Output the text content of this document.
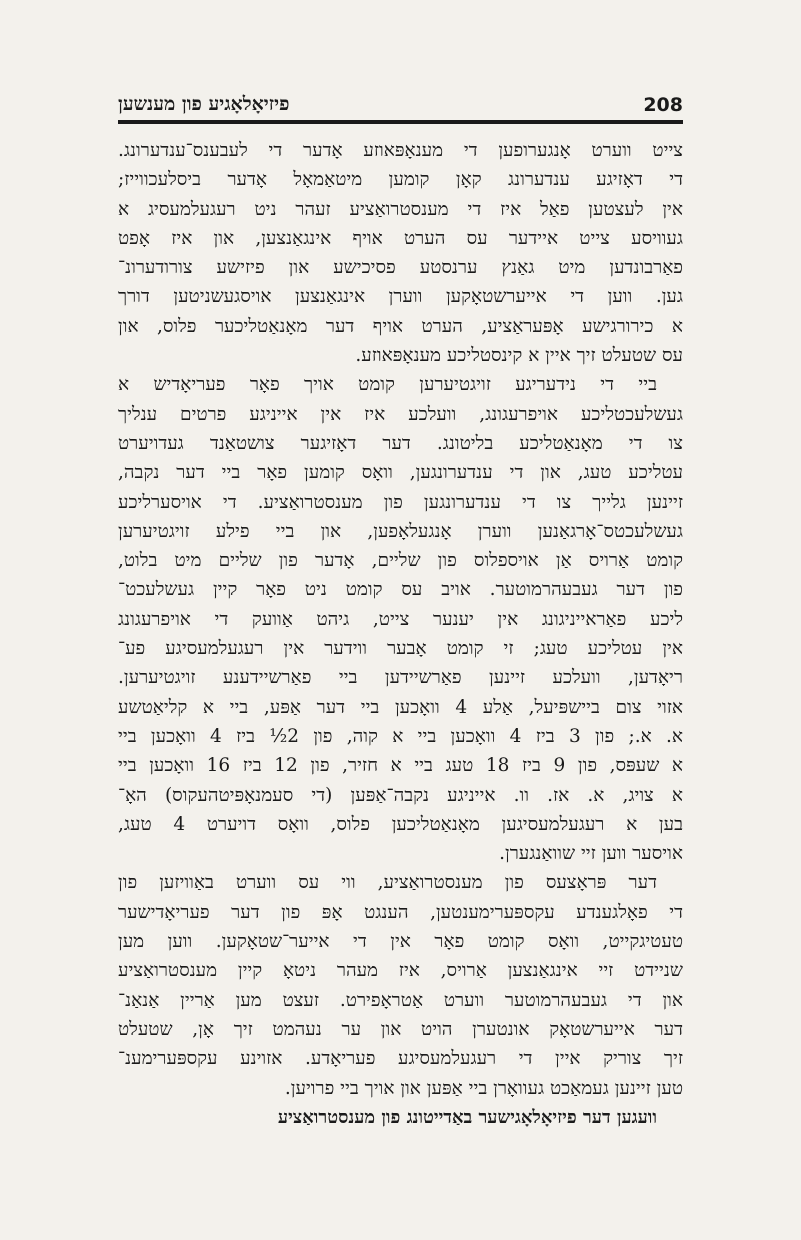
פיזיאָלאָגיע פון מענשען	208
צייט ווערט אָנגערופען די מענאָפּאוזע אָדער די לעבענס־ענדערונג.
די דאָזיגע ענדערונג קאָן קומען מיטאַמאָל אָדער ביסלעכווייז;
אין לעצטען פאַל איז די מענסטרואַציע זעהר ניט רעגעלמעסיג א
געוויסע צייט איידער עס הערט אויף אינגאַנצען, און איז אָפט
פאַרבונדען מיט גאַנץ ערנסטע פסיכישע און פיזישע צורודערונ־
גען. ווען די אייערשטאָקען ווערן אינגאַנצען אויסגעשניטען דורך
א כירורגישע אָפּעראַציע, הערט אויף דער מאָנאַטליכער פלוס, און
עס שטעלט זיך איין א קינסטליכע מענאָפּאוזע.
ביי די נידעריגע זויגטיערען קומט אויך פאָר פעריאָדיש א
געשלעכטליכע אויפרעגונג, וועלכע איז אין אייניגע פרטים ענליך
צו די מאָנאַטליכע בליטונג. דער דאָזיגער צושטאַנד געדויערט
עטליכע טעג, און די ענדערונגען, וואָס קומען פאָר ביי דער נקבה,
זיינען גלייך צו די ענדערונגען פון מענסטרואַציע. די אויסערליכע
געשלעכטס־אָרגאַנען ווערן אָנגעלאָפען, און ביי פילע זויגטיערען
קומט אַרויס אַן אויספלוס פון שליים, אָדער פון שליים מיט בלוט,
פון דער געבעהרמוטער. אויב עס קומט ניט פאָר קיין געשלעכט־
ליכע פאַראייניגונג אין יענער צייט, גיהט אַוועק די אויפרעגונג
אין עטליכע טעג; זי קומט אָבער ווידער אין רעגעלמעסיגע פע־
ריאָדען, וועלכע זיינען פאַרשיידען ביי פאַרשיידענע זויגטיערען.
אזוי צום ביישפּיעל, אַלע 4 וואָכען ביי דער אַפּע, ביי א קליאַטשע
א. א.; פון 3 ביז 4 וואָכען ביי א קוה, פון 2½ ביז 4 וואָכען ביי
א שעפּס, פון 9 ביז 18 טעג ביי א חזיר, פון 12 ביז 16 וואָכען ביי
א צויג, א. אז. וו. אייניגע נקבה־אַפּען (די סעמנאָפּיטהעקוס) האָ־
בען א רעגעלמעסיגען מאָנאַטליכען פלוס, וואָס דויערט 4 טעג,
אויסער ווען זיי שוואַנגערן.
דער פּראָצעס פון מענסטרואַציע, ווי עס ווערט באַוויזען פון
די פאָלגענדע עקספּערימענטען, הענגט אָפּ פון דער פעריאָדישער
טעטיגקייט, וואָס קומט פאָר אין די אייער־שטאָקען. ווען מען
שניידט זיי אינגאַנצען אַרויס, איז מעהר ניטאָ קיין מענסטרואַציע
און די געבעהרמוטער ווערט אַטראָפירט. זעצט מען אַריין אַנאַנ־
דער אייערשטאָק אונטערן הויט און ער נעהמט זיך אָן, שטעלט
זיך צוריק איין די רעגעלמעסיגע פעריאָדע. אזוינע עקספּערימענ־
טען זיינען געמאַכט געוואָרן ביי אַפּען און אויך ביי פרויען.
וועגען דער פיזיאָלאָגישער באַדייטונג פון מענסטרואַציע
